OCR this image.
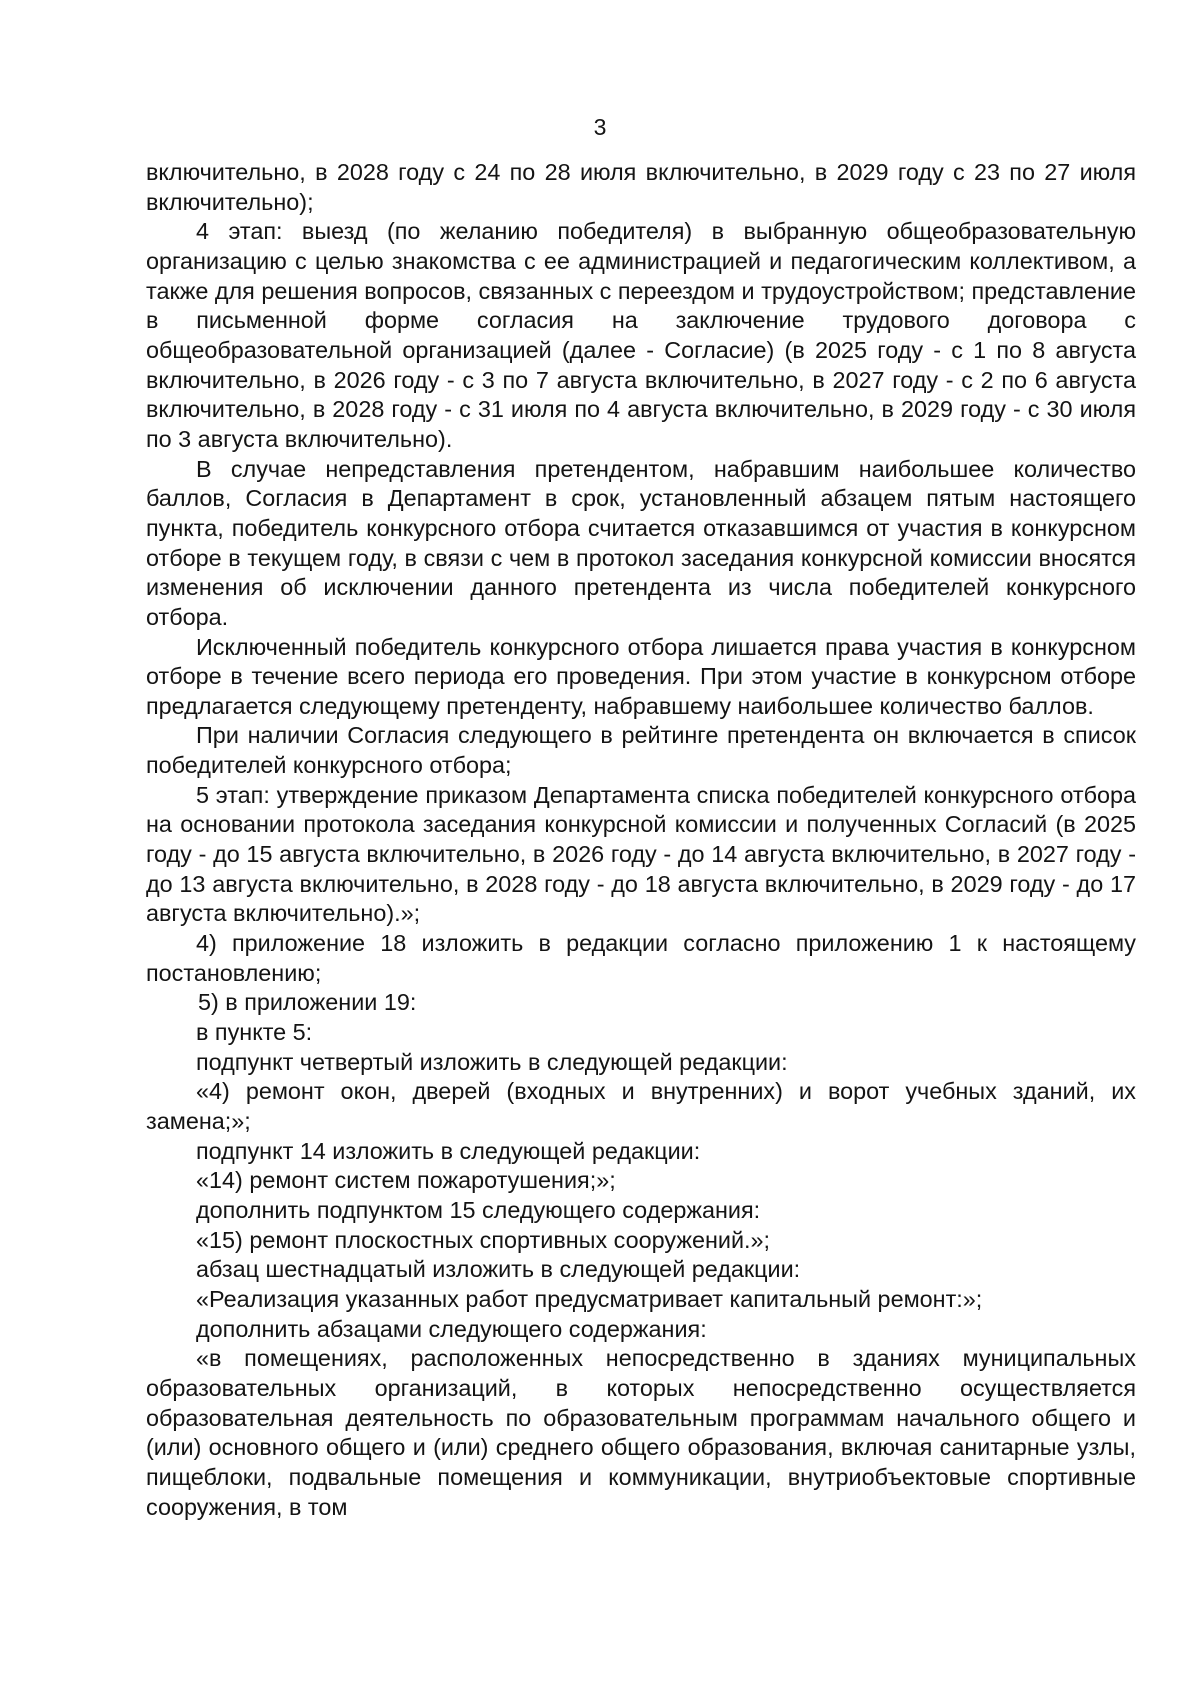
3

включительно, в 2028 году с 24 по 28 июля включительно, в 2029 году с 23 по 27 июля включительно);

4 этап: выезд (по желанию победителя) в выбранную общеобразовательную организацию с целью знакомства с ее администрацией и педагогическим коллективом, а также для решения вопросов, связанных с переездом и трудоустройством; представление в письменной форме согласия на заключение трудового договора с общеобразовательной организацией (далее - Согласие) (в 2025 году - с 1 по 8 августа включительно, в 2026 году - с 3 по 7 августа включительно, в 2027 году - с 2 по 6 августа включительно, в 2028 году - с 31 июля по 4 августа включительно, в 2029 году - с 30 июля по 3 августа включительно).

В случае непредставления претендентом, набравшим наибольшее количество баллов, Согласия в Департамент в срок, установленный абзацем пятым настоящего пункта, победитель конкурсного отбора считается отказавшимся от участия в конкурсном отборе в текущем году, в связи с чем в протокол заседания конкурсной комиссии вносятся изменения об исключении данного претендента из числа победителей конкурсного отбора.

Исключенный победитель конкурсного отбора лишается права участия в конкурсном отборе в течение всего периода его проведения. При этом участие в конкурсном отборе предлагается следующему претенденту, набравшему наибольшее количество баллов.

При наличии Согласия следующего в рейтинге претендента он включается в список победителей конкурсного отбора;

5 этап: утверждение приказом Департамента списка победителей конкурсного отбора на основании протокола заседания конкурсной комиссии и полученных Согласий (в 2025 году - до 15 августа включительно, в 2026 году - до 14 августа включительно, в 2027 году - до 13 августа включительно, в 2028 году - до 18 августа включительно, в 2029 году - до 17 августа включительно).»;

4) приложение 18 изложить в редакции согласно приложению 1 к настоящему постановлению;

5) в приложении 19:

в пункте 5:

подпункт четвертый изложить в следующей редакции:

«4) ремонт окон, дверей (входных и внутренних) и ворот учебных зданий, их замена;»;

подпункт 14 изложить в следующей редакции:

«14) ремонт систем пожаротушения;»;

дополнить подпунктом 15 следующего содержания:

«15) ремонт плоскостных спортивных сооружений.»;

абзац шестнадцатый изложить в следующей редакции:

«Реализация указанных работ предусматривает капитальный ремонт:»;

дополнить абзацами следующего содержания:

«в помещениях, расположенных непосредственно в зданиях муниципальных образовательных организаций, в которых непосредственно осуществляется образовательная деятельность по образовательным программам начального общего и (или) основного общего и (или) среднего общего образования, включая санитарные узлы, пищеблоки, подвальные помещения и коммуникации, внутриобъектовые спортивные сооружения, в том
